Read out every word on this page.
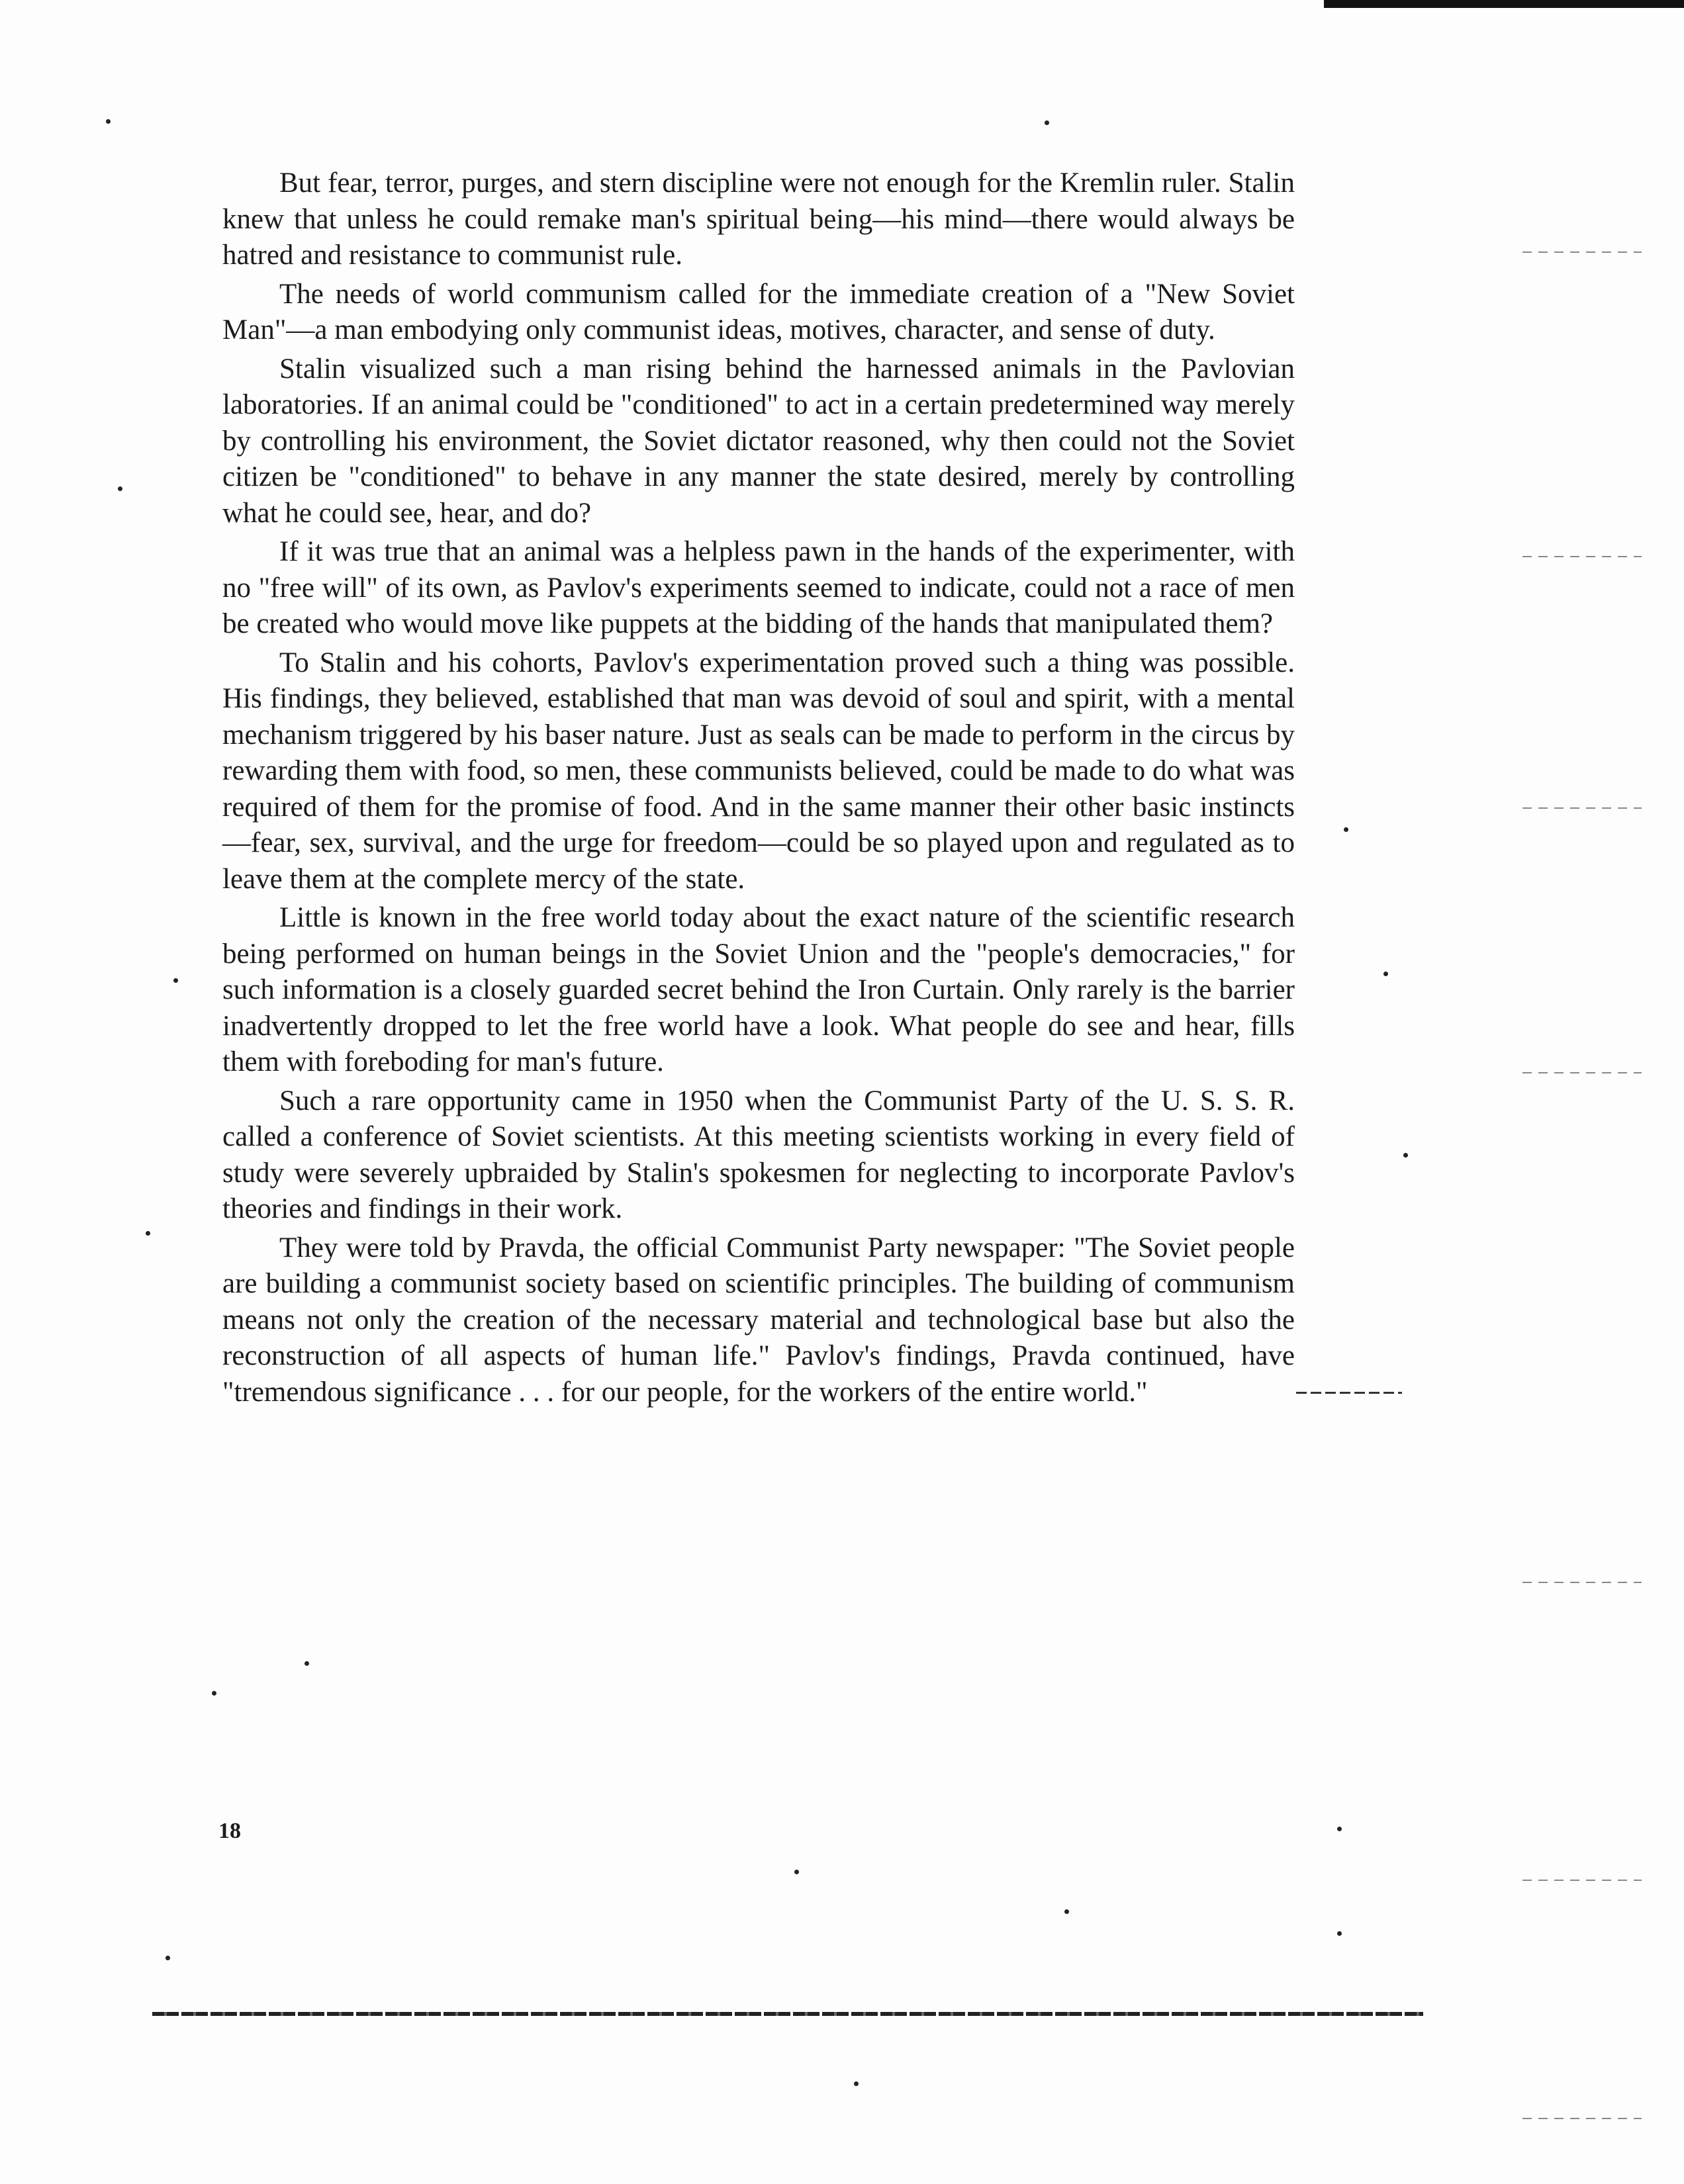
But fear, terror, purges, and stern discipline were not enough for the Kremlin ruler. Stalin knew that unless he could remake man's spiritual being—his mind—there would always be hatred and resistance to communist rule.

The needs of world communism called for the immediate creation of a "New Soviet Man"—a man embodying only communist ideas, motives, character, and sense of duty.

Stalin visualized such a man rising behind the harnessed animals in the Pavlovian laboratories. If an animal could be "conditioned" to act in a certain predetermined way merely by controlling his environment, the Soviet dictator reasoned, why then could not the Soviet citizen be "conditioned" to behave in any manner the state desired, merely by controlling what he could see, hear, and do?

If it was true that an animal was a helpless pawn in the hands of the experimenter, with no "free will" of its own, as Pavlov's experiments seemed to indicate, could not a race of men be created who would move like puppets at the bidding of the hands that manipulated them?

To Stalin and his cohorts, Pavlov's experimentation proved such a thing was possible. His findings, they believed, established that man was devoid of soul and spirit, with a mental mechanism triggered by his baser nature. Just as seals can be made to perform in the circus by rewarding them with food, so men, these communists believed, could be made to do what was required of them for the promise of food. And in the same manner their other basic instincts—fear, sex, survival, and the urge for freedom—could be so played upon and regulated as to leave them at the complete mercy of the state.

Little is known in the free world today about the exact nature of the scientific research being performed on human beings in the Soviet Union and the "people's democracies," for such information is a closely guarded secret behind the Iron Curtain. Only rarely is the barrier inadvertently dropped to let the free world have a look. What people do see and hear, fills them with foreboding for man's future.

Such a rare opportunity came in 1950 when the Communist Party of the U. S. S. R. called a conference of Soviet scientists. At this meeting scientists working in every field of study were severely upbraided by Stalin's spokesmen for neglecting to incorporate Pavlov's theories and findings in their work.

They were told by Pravda, the official Communist Party newspaper: "The Soviet people are building a communist society based on scientific principles. The building of communism means not only the creation of the necessary material and technological base but also the reconstruction of all aspects of human life." Pavlov's findings, Pravda continued, have "tremendous significance . . . for our people, for the workers of the entire world."

18
